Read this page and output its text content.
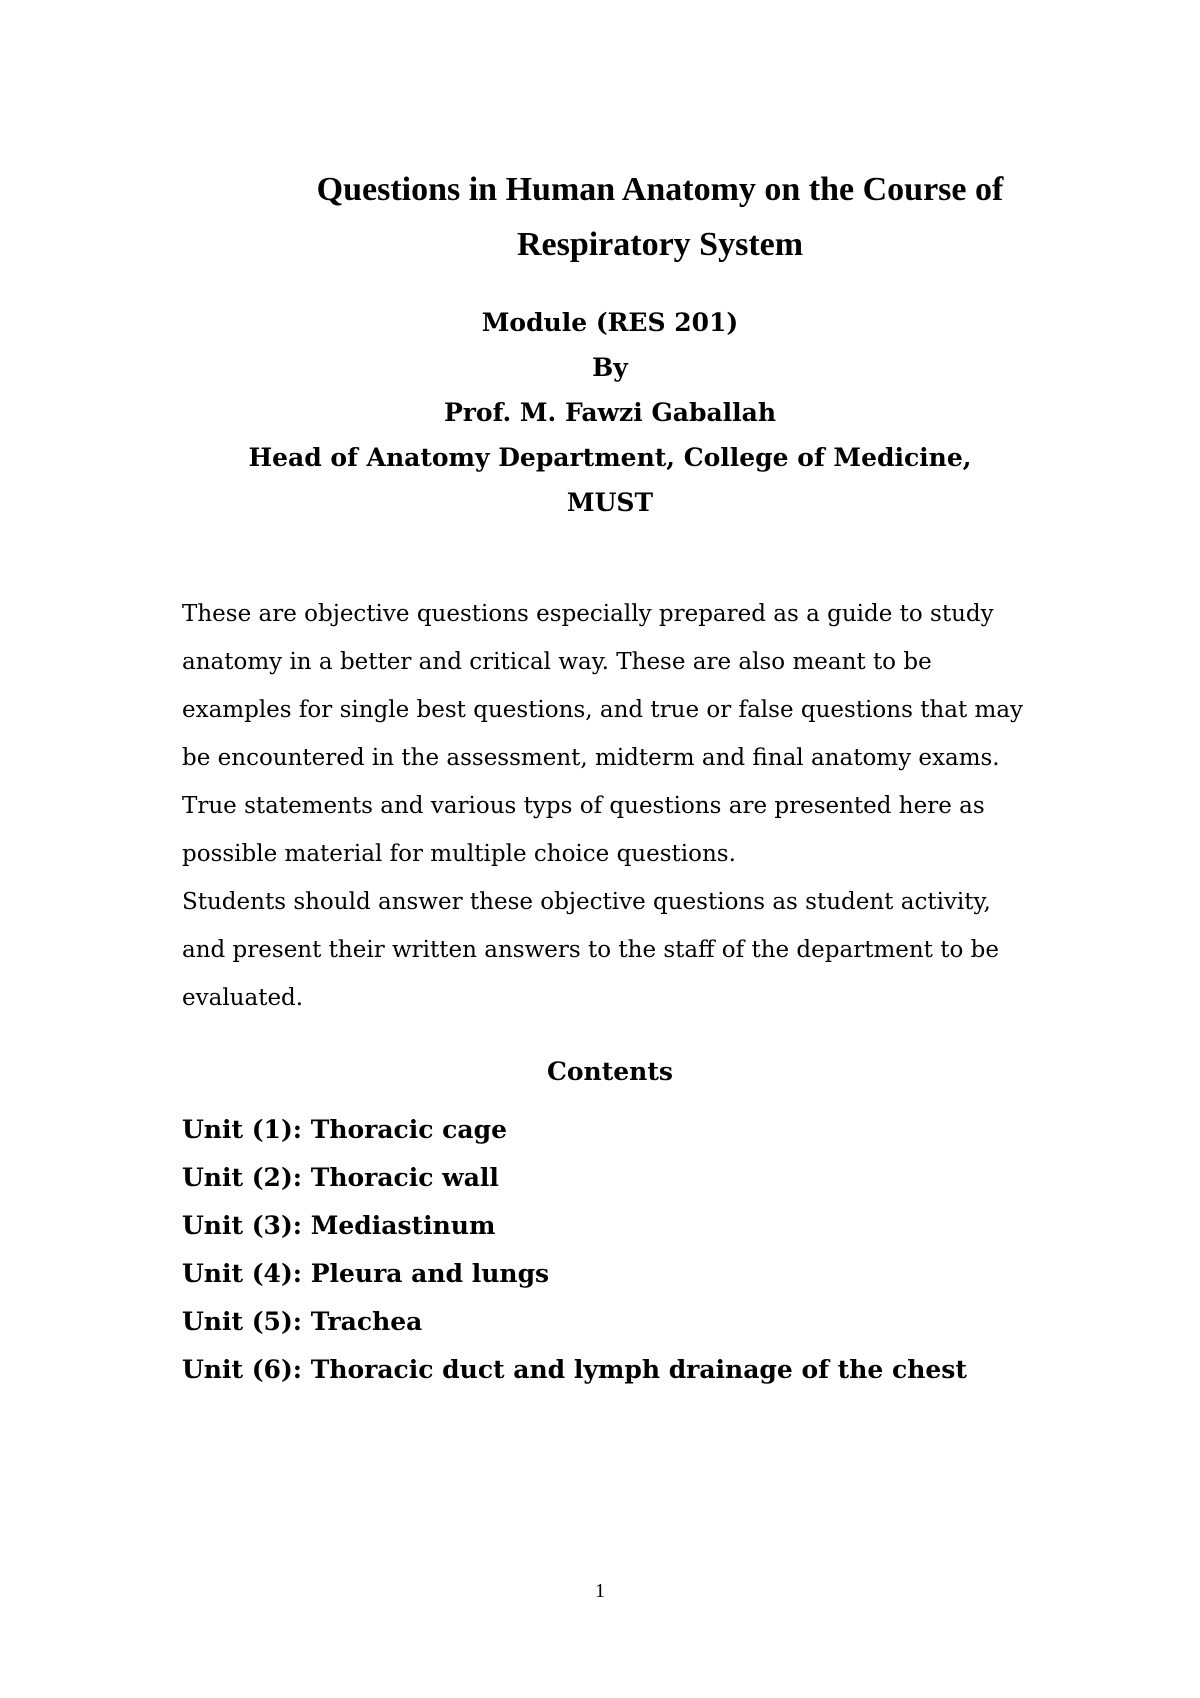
Questions in Human Anatomy on the Course of
Respiratory System
Module (RES 201)
By
Prof. M. Fawzi Gaballah
Head of Anatomy Department, College of Medicine,
MUST
These are objective questions especially prepared as a guide to study
anatomy in a better and critical way. These are also meant to be
examples for single best questions, and true or false questions that may
be encountered in the assessment, midterm and final anatomy exams.
True statements and various typs of questions are presented here as
possible material for multiple choice questions.
Students should answer these objective questions as student activity,
and present their written answers to the staff of the department to be
evaluated.
Contents
Unit (1): Thoracic cage
Unit (2): Thoracic wall
Unit (3): Mediastinum
Unit (4): Pleura and lungs
Unit (5): Trachea
Unit (6): Thoracic duct and lymph drainage of the chest
1
